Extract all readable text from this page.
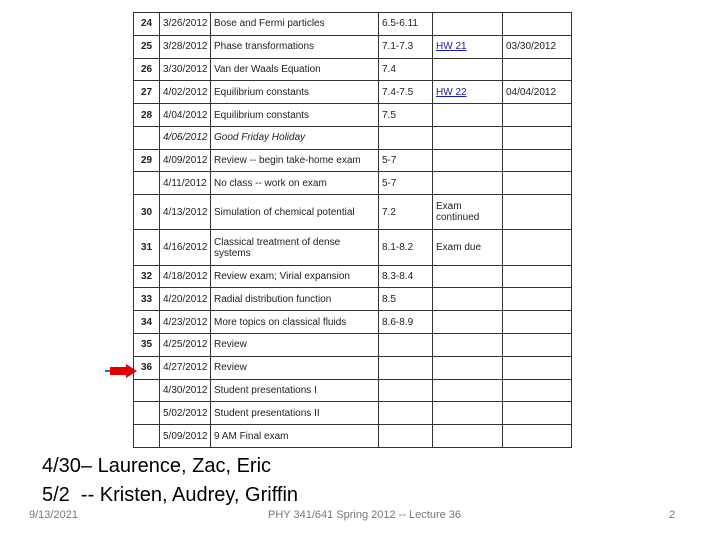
24	3/26/2012	Bose and Fermi particles	6.5-6.11		
25	3/28/2012	Phase transformations	7.1-7.3	HW 21	03/30/2012
26	3/30/2012	Van der Waals Equation	7.4		
27	4/02/2012	Equilibrium constants	7.4-7.5	HW 22	04/04/2012
28	4/04/2012	Equilibrium constants	7.5		
	4/06/2012	Good Friday Holiday			
29	4/09/2012	Review -- begin take-home exam	5-7		
	4/11/2012	No class -- work on exam	5-7		
30	4/13/2012	Simulation of chemical potential	7.2	Exam continued	
31	4/16/2012	Classical treatment of dense systems	8.1-8.2	Exam due	
32	4/18/2012	Review exam; Virial expansion	8.3-8.4		
33	4/20/2012	Radial distribution function	8.5		
34	4/23/2012	More topics on classical fluids	8.6-8.9		
35	4/25/2012	Review			
36	4/27/2012	Review			
	4/30/2012	Student presentations I			
	5/02/2012	Student presentations II			
	5/09/2012	9 AM Final exam			
4/30– Laurence, Zac, Eric
5/2  -- Kristen, Audrey, Griffin
9/13/2021	PHY 341/641 Spring 2012 -- Lecture 36	2
